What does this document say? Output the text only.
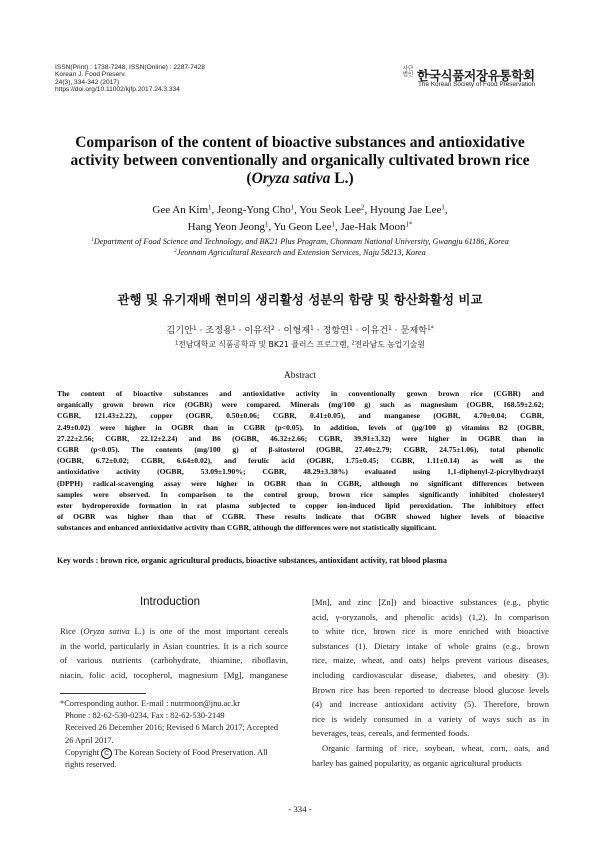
ISSN(Print) : 1738-7248, ISSN(Online) : 2287-7428
Korean J. Food Preserv.
24(3), 334-342 (2017)
https://doi.org/10.11002/kjfp.2017.24.3.334
사단법인 한국식품저장유통학회
The Korean Society of Food Preservation
Comparison of the content of bioactive substances and antioxidative
activity between conventionally and organically cultivated brown rice
(Oryza sativa L.)
Gee An Kim$^1$, Jeong-Yong Cho$^1$, You Seok Lee$^2$, Hyoung Jae Lee$^1$,
Hang Yeon Jeong$^1$, Yu Geon Lee$^1$, Jae-Hak Moon$^{1*}$
$^1$Department of Food Science and Technology, and BK21 Plus Program, Chonnam National University, Gwangju 61186, Korea
$^2$Jeonnam Agricultural Research and Extension Services, Naju 58213, Korea
관행 및 유기재배 현미의 생리활성 성분의 함량 및 항산화활성 비교
김기안$^1$ · 조정용$^1$ · 이유석$^2$ · 이형재$^1$ · 정항연$^1$ · 이유건$^1$ · 문제학$^{1*}$
$^1$전남대학교 식품공학과 및 BK21 플러스 프로그램, $^2$전라남도 농업기술원
Abstract
The content of bioactive substances and antioxidative activity in conventionally grown brown rice (CGBR) and
organically grown brown rice (OGBR) were compared. Minerals (mg/100 g) such as magnesium (OGBR, 168.59±2.62;
CGBR, 121.43±2.22), copper (OGBR, 0.50±0.06; CGBR, 0.41±0.05), and manganese (OGBR, 4.70±0.04; CGBR,
2.49±0.02) were higher in OGBR than in CGBR (p<0.05). In addition, levels of (μg/100 g) vitamins B2 (OGBR,
27.22±2.56; CGBR, 22.12±2.24) and B6 (OGBR, 46.32±2.66; CGBR, 39.91±3.32) were higher in OGBR than in
CGBR (p<0.05). The contents (mg/100 g) of β-sitosterol (OGBR, 27.40±2.79; CGBR, 24.75±1.06), total phenolic
(OGBR, 6.72±0.02; CGBR, 6.64±0.02), and ferulic acid (OGBR, 1.75±0.45; CGBR, 1.11±0.14) as well as the
antioxidative activity (OGBR, 53.09±1.90%; CGBR, 48.29±3.38%) evaluated using 1,1-diphenyl-2-picrylhydrazyl
(DPPH) radical-scavenging assay were higher in OGBR than in CGBR, although no significant differences between
samples were observed. In comparison to the control group, brown rice samples significantly inhibited cholesteryl
ester hydroperoxide formation in rat plasma subjected to copper ion-induced lipid peroxidation. The inhibitory effect
of OGBR was higher than that of CGBR. These results indicate that OGBR showed higher levels of bioactive
substances and enhanced antioxidative activity than CGBR, although the differences were not statistically significant.
Key words : brown rice, organic agricultural products, bioactive substances, antioxidant activity, rat blood plasma
Introduction
Rice (Oryza sativa L.) is one of the most important cereals
in the world, particularly in Asian countries. It is a rich source
of various nutrients (carbohydrate, thiamine, riboflavin,
niacin, folic acid, tocopherol, magnesium [Mg], manganese
[Mn], and zinc [Zn]) and bioactive substances (e.g., phytic
acid, γ-oryzanols, and phenolic acids) (1,2). In comparison
to white rice, brown rice is more enriched with bioactive
substances (1). Dietary intake of whole grains (e.g., brown
rice, maize, wheat, and oats) helps prevent various diseases,
including cardiovascular disease, diabetes, and obesity (3).
Brown rice has been reported to decrease blood glucose levels
(4) and increase antioxidant activity (5). Therefore, brown
rice is widely consumed in a variety of ways such as in
beverages, teas, cereals, and fermented foods.
Organic farming of rice, soybean, wheat, corn, oats, and
barley has gained popularity, as organic agricultural products
*Corresponding author. E-mail : nutrmoon@jnu.ac.kr
Phone : 82-62-530-0234, Fax : 82-62-530-2149
Received 26 December 2016; Revised 6 March 2017; Accepted
26 April 2017.
Copyright C The Korean Society of Food Preservation. All
rights reserved.
- 334 -
